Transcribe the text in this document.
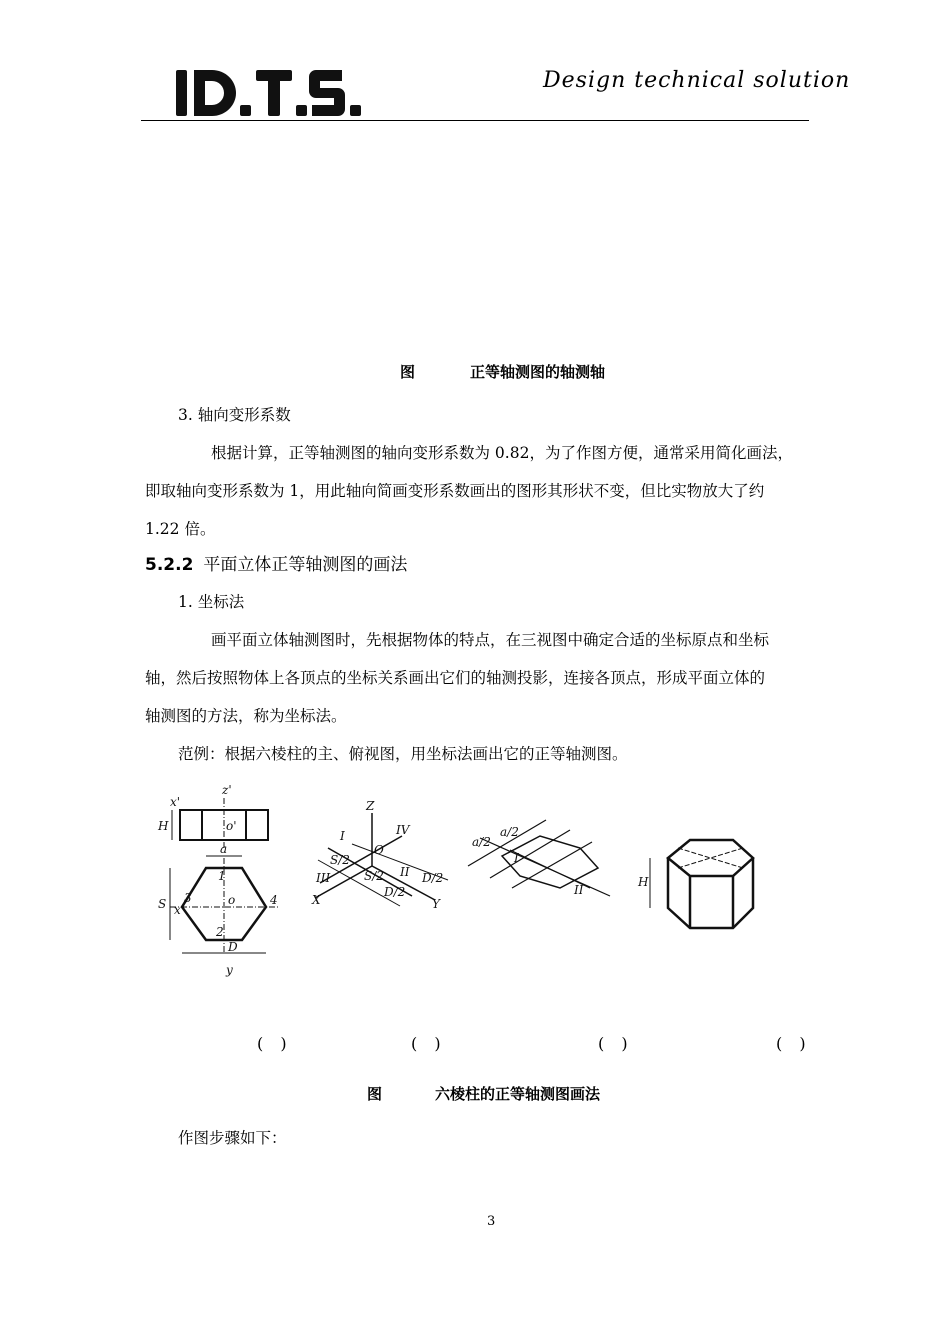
Design technical solution
图	正等轴测图的轴测轴
3. 轴向变形系数
根据计算，正等轴测图的轴向变形系数为 0.82，为了作图方便，通常采用简化画法，
即取轴向变形系数为 1，用此轴向简画变形系数画出的图形其形状不变，但比实物放大了约
1.22 倍。
5.2.2 平面立体正等轴测图的画法
1. 坐标法
画平面立体轴测图时，先根据物体的特点，在三视图中确定合适的坐标原点和坐标
轴，然后按照物体上各顶点的坐标关系画出它们的轴测投影，连接各顶点，形成平面立体的
轴测图的方法，称为坐标法。
范例：根据六棱柱的主、俯视图，用坐标法画出它的正等轴测图。
x'
z'
o'
H
a
1
3	4
x
o
2
D
S
y
Z
O
I	IV
III	II
S/2
S/2
D/2
D/2
X	Y
a/2
a/2
I
II
H
( )	( )	( )	( )
图	六棱柱的正等轴测图画法
作图步骤如下：
3
